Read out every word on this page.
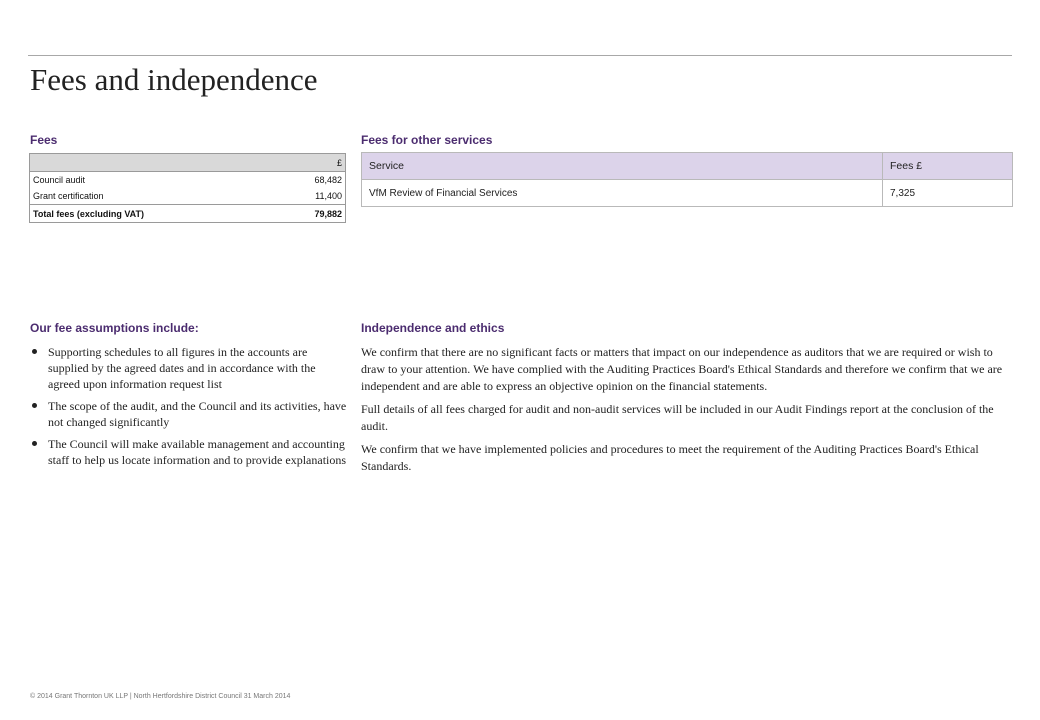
Fees and independence
Fees
£	
Council audit	68,482
Grant certification	11,400
Total fees (excluding VAT)	79,882
Fees for other services
Service	Fees £
VfM Review of Financial Services	7,325
Our fee assumptions include:
Supporting schedules to all figures in the accounts are supplied by the agreed dates and in accordance with the agreed upon information request list
The scope of the audit, and the Council and its activities, have not changed significantly
The Council will make available management and accounting staff to help us locate information and to provide explanations
Independence and ethics

We confirm that there are no significant facts or matters that impact on our independence as auditors that we are required or wish to draw to your attention. We have complied with the Auditing Practices Board's Ethical Standards and therefore we confirm that we are independent and are able to express an objective opinion on the financial statements.

Full details of all fees charged for audit and non-audit services will be included in our Audit Findings report at the conclusion of the audit.

We confirm that we have implemented policies and procedures to meet the requirement of the Auditing Practices Board's Ethical Standards.

© 2014 Grant Thornton UK LLP | North Hertfordshire District Council 31 March 2014
